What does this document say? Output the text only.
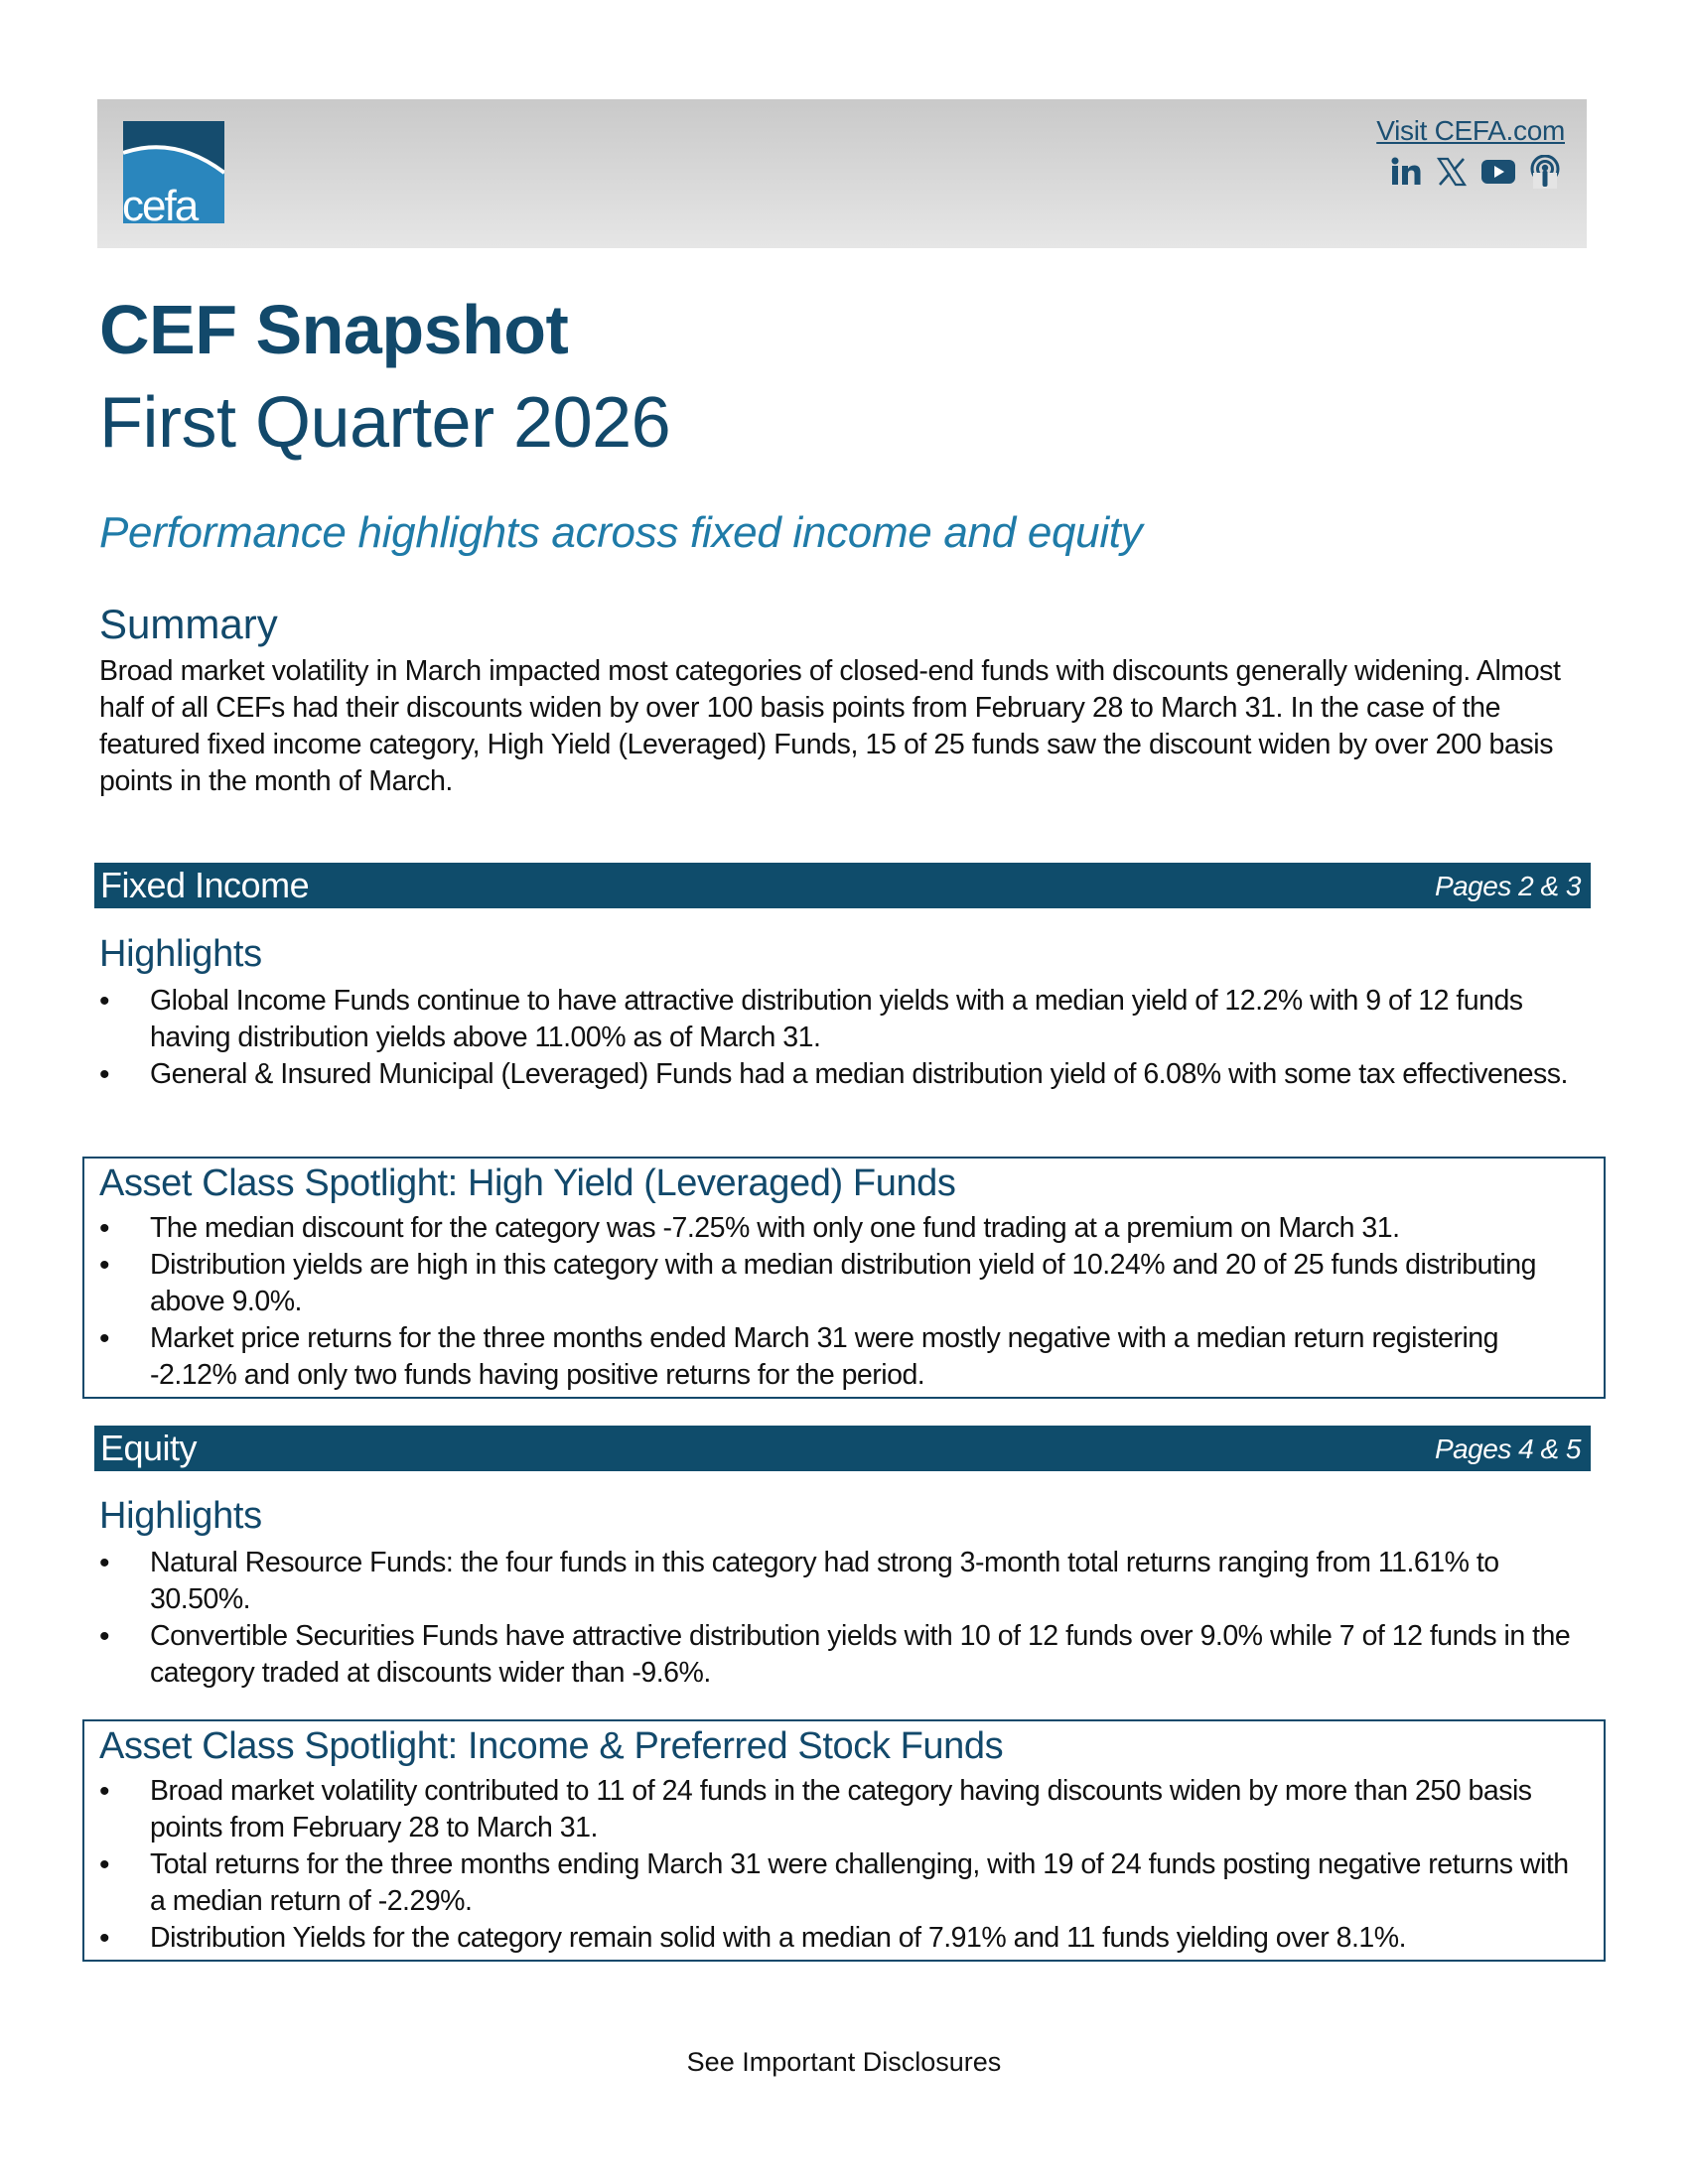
cefa
Visit CEFA.com
CEF Snapshot
First Quarter 2026
Performance highlights across fixed income and equity
Summary
Broad market volatility in March impacted most categories of closed-end funds with discounts generally widening. Almost half of all CEFs had their discounts widen by over 100 basis points from February 28 to March 31. In the case of the featured fixed income category, High Yield (Leveraged) Funds, 15 of 25 funds saw the discount widen by over 200 basis points in the month of March.
Fixed Income	Pages 2 & 3
Highlights
• Global Income Funds continue to have attractive distribution yields with a median yield of 12.2% with 9 of 12 funds having distribution yields above 11.00% as of March 31.
• General & Insured Municipal (Leveraged) Funds had a median distribution yield of 6.08% with some tax effectiveness.
Asset Class Spotlight: High Yield (Leveraged) Funds
• The median discount for the category was -7.25% with only one fund trading at a premium on March 31.
• Distribution yields are high in this category with a median distribution yield of 10.24% and 20 of 25 funds distributing above 9.0%.
• Market price returns for the three months ended March 31 were mostly negative with a median return registering -2.12% and only two funds having positive returns for the period.
Equity	Pages 4 & 5
Highlights
• Natural Resource Funds: the four funds in this category had strong 3-month total returns ranging from 11.61% to 30.50%.
• Convertible Securities Funds have attractive distribution yields with 10 of 12 funds over 9.0% while 7 of 12 funds in the category traded at discounts wider than -9.6%.
Asset Class Spotlight: Income & Preferred Stock Funds
• Broad market volatility contributed to 11 of 24 funds in the category having discounts widen by more than 250 basis points from February 28 to March 31.
• Total returns for the three months ending March 31 were challenging, with 19 of 24 funds posting negative returns with a median return of -2.29%.
• Distribution Yields for the category remain solid with a median of 7.91% and 11 funds yielding over 8.1%.
See Important Disclosures
